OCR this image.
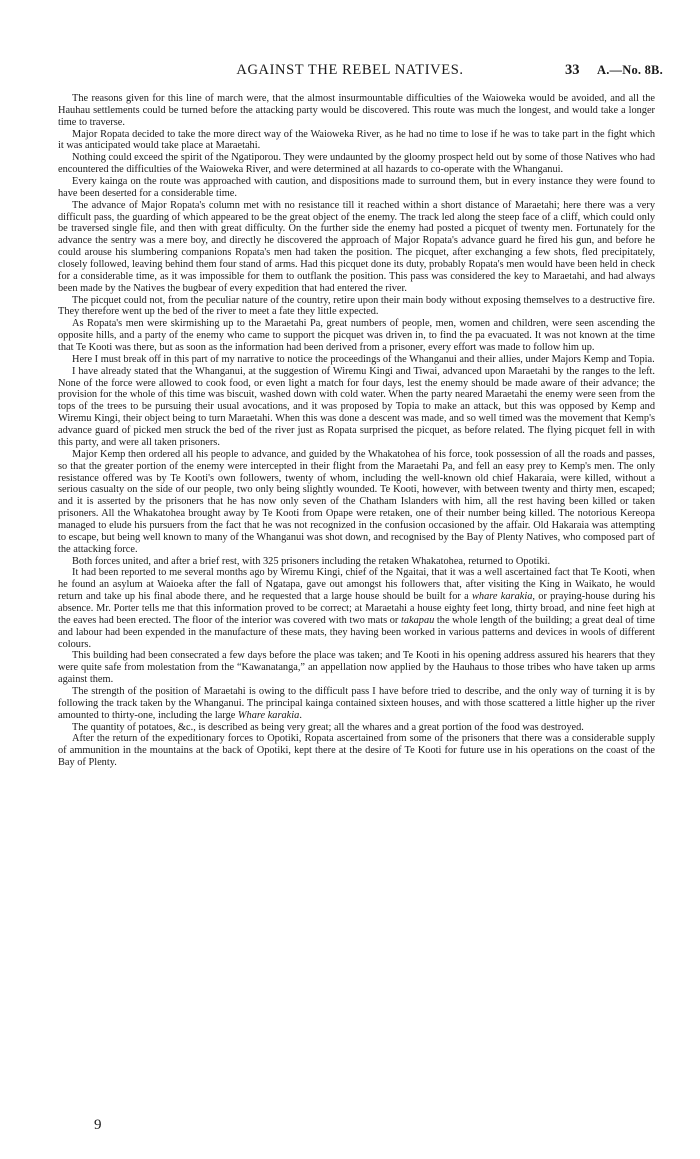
AGAINST THE REBEL NATIVES.	33 A.—No. 8B.

The reasons given for this line of march were, that the almost insurmountable difficulties of the Waioweka would be avoided, and all the Hauhau settlements could be turned before the attacking party would be discovered. This route was much the longest, and would take a longer time to traverse.

Major Ropata decided to take the more direct way of the Waioweka River, as he had no time to lose if he was to take part in the fight which it was anticipated would take place at Maraetahi.

Nothing could exceed the spirit of the Ngatiporou. They were undaunted by the gloomy prospect held out by some of those Natives who had encountered the difficulties of the Waioweka River, and were determined at all hazards to co-operate with the Whanganui.

Every kainga on the route was approached with caution, and dispositions made to surround them, but in every instance they were found to have been deserted for a considerable time.

The advance of Major Ropata's column met with no resistance till it reached within a short distance of Maraetahi; here there was a very difficult pass, the guarding of which appeared to be the great object of the enemy. The track led along the steep face of a cliff, which could only be traversed single file, and then with great difficulty. On the further side the enemy had posted a picquet of twenty men. Fortunately for the advance the sentry was a mere boy, and directly he discovered the approach of Major Ropata's advance guard he fired his gun, and before he could arouse his slumbering companions Ropata's men had taken the position. The picquet, after exchanging a few shots, fled precipitately, closely followed, leaving behind them four stand of arms. Had this picquet done its duty, probably Ropata's men would have been held in check for a considerable time, as it was impossible for them to outflank the position. This pass was considered the key to Maraetahi, and had always been made by the Natives the bugbear of every expedition that had entered the river.

The picquet could not, from the peculiar nature of the country, retire upon their main body without exposing themselves to a destructive fire. They therefore went up the bed of the river to meet a fate they little expected.

As Ropata's men were skirmishing up to the Maraetahi Pa, great numbers of people, men, women and children, were seen ascending the opposite hills, and a party of the enemy who came to support the picquet was driven in, to find the pa evacuated. It was not known at the time that Te Kooti was there, but as soon as the information had been derived from a prisoner, every effort was made to follow him up.

Here I must break off in this part of my narrative to notice the proceedings of the Whanganui and their allies, under Majors Kemp and Topia.

I have already stated that the Whanganui, at the suggestion of Wiremu Kingi and Tiwai, advanced upon Maraetahi by the ranges to the left. None of the force were allowed to cook food, or even light a match for four days, lest the enemy should be made aware of their advance; the provision for the whole of this time was biscuit, washed down with cold water. When the party neared Maraetahi the enemy were seen from the tops of the trees to be pursuing their usual avocations, and it was proposed by Topia to make an attack, but this was opposed by Kemp and Wiremu Kingi, their object being to turn Maraetahi. When this was done a descent was made, and so well timed was the movement that Kemp's advance guard of picked men struck the bed of the river just as Ropata surprised the picquet, as before related. The flying picquet fell in with this party, and were all taken prisoners.

Major Kemp then ordered all his people to advance, and guided by the Whakatohea of his force, took possession of all the roads and passes, so that the greater portion of the enemy were intercepted in their flight from the Maraetahi Pa, and fell an easy prey to Kemp's men. The only resistance offered was by Te Kooti's own followers, twenty of whom, including the well-known old chief Hakaraia, were killed, without a serious casualty on the side of our people, two only being slightly wounded. Te Kooti, however, with between twenty and thirty men, escaped; and it is asserted by the prisoners that he has now only seven of the Chatham Islanders with him, all the rest having been killed or taken prisoners. All the Whakatohea brought away by Te Kooti from Opape were retaken, one of their number being killed. The notorious Kereopa managed to elude his pursuers from the fact that he was not recognized in the confusion occasioned by the affair. Old Hakaraia was attempting to escape, but being well known to many of the Whanganui was shot down, and recognised by the Bay of Plenty Natives, who composed part of the attacking force.

Both forces united, and after a brief rest, with 325 prisoners including the retaken Whakatohea, returned to Opotiki.

It had been reported to me several months ago by Wiremu Kingi, chief of the Ngaitai, that it was a well ascertained fact that Te Kooti, when he found an asylum at Waioeka after the fall of Ngatapa, gave out amongst his followers that, after visiting the King in Waikato, he would return and take up his final abode there, and he requested that a large house should be built for a whare karakia, or praying-house during his absence. Mr. Porter tells me that this information proved to be correct; at Maraetahi a house eighty feet long, thirty broad, and nine feet high at the eaves had been erected. The floor of the interior was covered with two mats or takapau the whole length of the building; a great deal of time and labour had been expended in the manufacture of these mats, they having been worked in various patterns and devices in wools of different colours.

This building had been consecrated a few days before the place was taken; and Te Kooti in his opening address assured his hearers that they were quite safe from molestation from the “Kawanatanga,” an appellation now applied by the Hauhaus to those tribes who have taken up arms against them.

The strength of the position of Maraetahi is owing to the difficult pass I have before tried to describe, and the only way of turning it is by following the track taken by the Whanganui. The principal kainga contained sixteen houses, and with those scattered a little higher up the river amounted to thirty-one, including the large Whare karakia.

The quantity of potatoes, &c., is described as being very great; all the whares and a great portion of the food was destroyed.

After the return of the expeditionary forces to Opotiki, Ropata ascertained from some of the prisoners that there was a considerable supply of ammunition in the mountains at the back of Opotiki, kept there at the desire of Te Kooti for future use in his operations on the coast of the Bay of Plenty.

9
